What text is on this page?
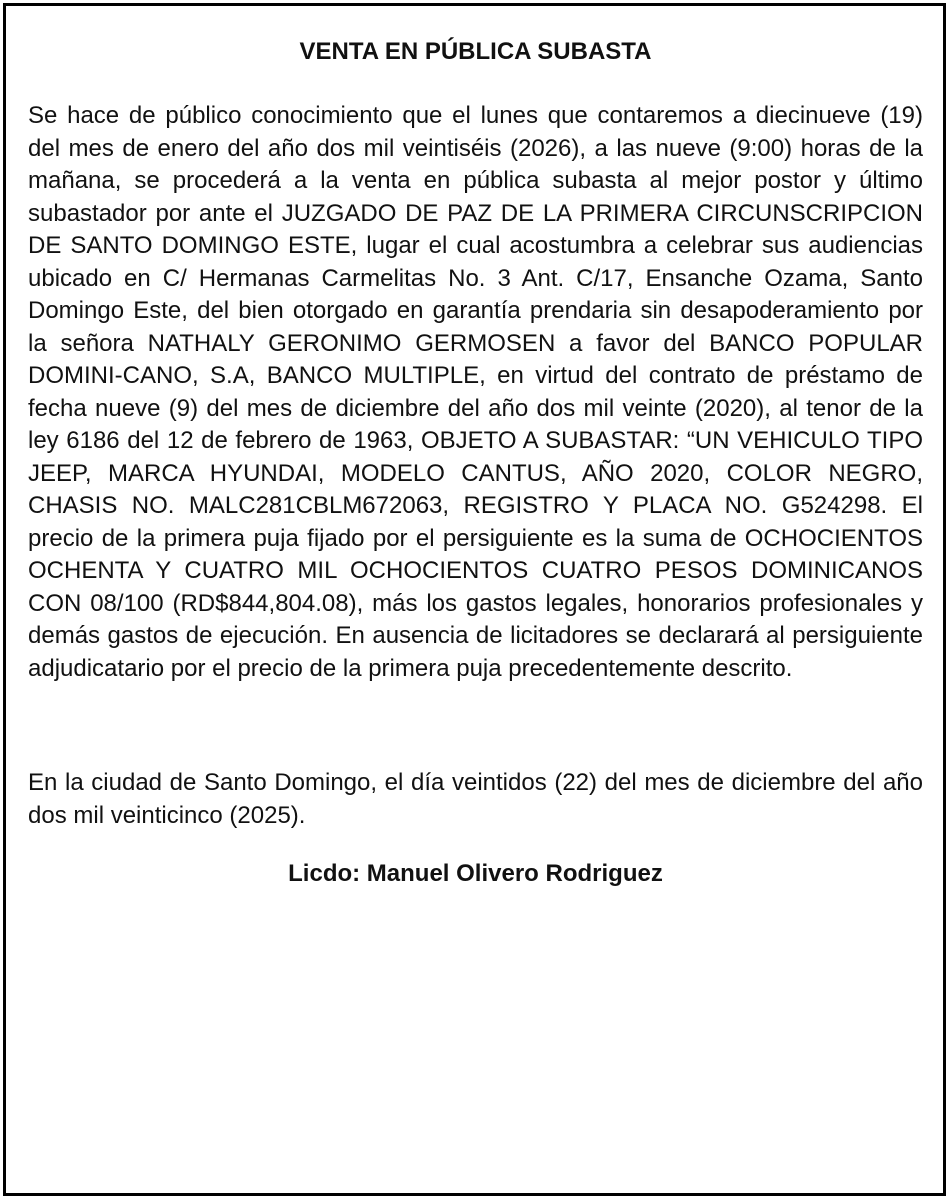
VENTA EN PÚBLICA SUBASTA

Se hace de público conocimiento que el lunes que contaremos a diecinueve (19) del mes de enero del año dos mil veintiséis (2026), a las nueve (9:00) horas de la mañana, se procederá a la venta en pública subasta al mejor postor y último subastador por ante el JUZGADO DE PAZ DE LA PRIMERA CIRCUNSCRIPCION DE SANTO DOMINGO ESTE, lugar el cual acostumbra a celebrar sus audiencias ubicado en C/ Hermanas Carmelitas No. 3 Ant. C/17, Ensanche Ozama, Santo Domingo Este, del bien otorgado en garantía prendaria sin desapoderamiento por la señora NATHALY GERONIMO GERMOSEN a favor del BANCO POPULAR DOMINI-CANO, S.A, BANCO MULTIPLE, en virtud del contrato de préstamo de fecha nueve (9) del mes de diciembre del año dos mil veinte (2020), al tenor de la ley 6186 del 12 de febrero de 1963, OBJETO A SUBASTAR: “UN VEHICULO TIPO JEEP, MARCA HYUNDAI, MODELO CANTUS, AÑO 2020, COLOR NEGRO, CHASIS NO. MALC281CBLM672063, REGISTRO Y PLACA NO. G524298. El precio de la primera puja fijado por el persiguiente es la suma de OCHOCIENTOS OCHENTA Y CUATRO MIL OCHOCIENTOS CUATRO PESOS DOMINICANOS CON 08/100 (RD$844,804.08), más los gastos legales, honorarios profesionales y demás gastos de ejecución. En ausencia de licitadores se declarará al persiguiente adjudicatario por el precio de la primera puja precedentemente descrito.

En la ciudad de Santo Domingo, el día veintidos (22) del mes de diciembre del año dos mil veinticinco (2025).

Licdo: Manuel Olivero Rodriguez
